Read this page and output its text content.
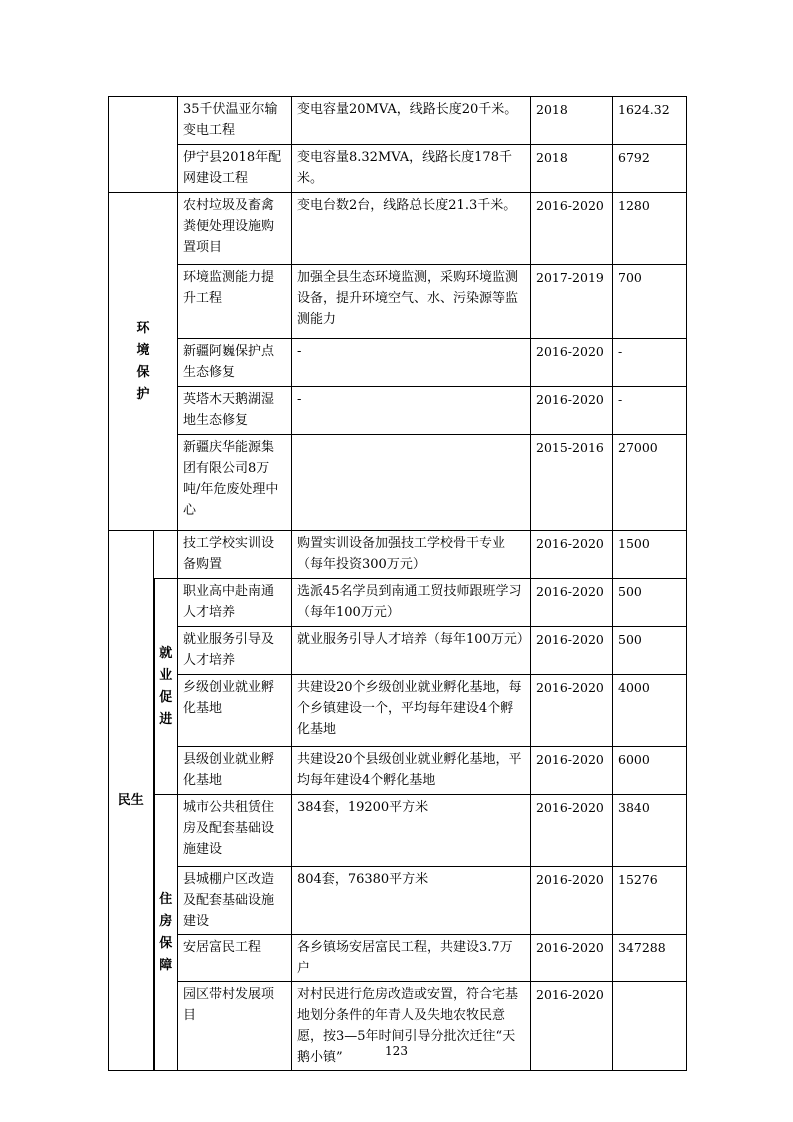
		35千伏温亚尔输变电工程	变电容量20MVA，线路长度20千米。	2018	1624.32
		伊宁县2018年配网建设工程	变电容量8.32MVA，线路长度178千米。	2018	6792
环境保护		农村垃圾及畜禽粪便处理设施购置项目	变电台数2台，线路总长度21.3千米。	2016-2020	1280
		环境监测能力提升工程	加强全县生态环境监测，采购环境监测设备，提升环境空气、水、污染源等监测能力	2017-2019	700
		新疆阿巍保护点生态修复	-	2016-2020	-
		英塔木天鹅湖湿地生态修复	-	2016-2020	-
		新疆庆华能源集团有限公司8万吨/年危废处理中心		2015-2016	27000
民生		技工学校实训设备购置	购置实训设备加强技工学校骨干专业（每年投资300万元）	2016-2020	1500
	就业促进	职业高中赴南通人才培养	选派45名学员到南通工贸技师跟班学习（每年100万元）	2016-2020	500
		就业服务引导及人才培养	就业服务引导人才培养（每年100万元）	2016-2020	500
		乡级创业就业孵化基地	共建设20个乡级创业就业孵化基地，每个乡镇建设一个，平均每年建设4个孵化基地	2016-2020	4000
		县级创业就业孵化基地	共建设20个县级创业就业孵化基地，平均每年建设4个孵化基地	2016-2020	6000
	住房保障	城市公共租赁住房及配套基础设施建设	384套，19200平方米	2016-2020	3840
		县城棚户区改造及配套基础设施建设	804套，76380平方米	2016-2020	15276
		安居富民工程	各乡镇场安居富民工程，共建设3.7万户	2016-2020	347288
		园区带村发展项目	对村民进行危房改造或安置，符合宅基地划分条件的年青人及失地农牧民意愿，按3—5年时间引导分批次迁往“天鹅小镇”	2016-2020	
123
